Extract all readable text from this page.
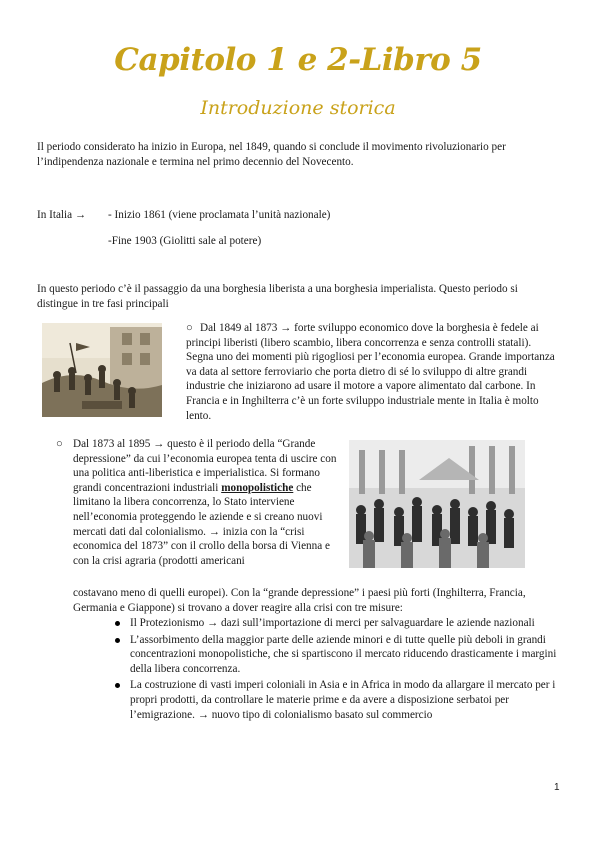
Capitolo 1 e 2-Libro 5
Introduzione storica

Il periodo considerato ha inizio in Europa, nel 1849, quando si conclude il movimento rivoluzionario per l’indipendenza nazionale e termina nel primo decennio del Novecento.

In Italia → - Inizio 1861 (viene proclamata l’unità nazionale)
-Fine 1903 (Giolitti sale al potere)

In questo periodo c’è il passaggio da una borghesia liberista a una borghesia imperialista. Questo periodo si distingue in tre fasi principali

○ Dal 1849 al 1873 → forte sviluppo economico dove la borghesia è fedele ai principi liberisti (libero scambio, libera concorrenza e senza controlli statali). Segna uno dei momenti più rigogliosi per l’economia europea. Grande importanza va data al settore ferroviario che porta dietro di sé lo sviluppo di altre grandi industrie che iniziarono ad usare il motore a vapore alimentato dal carbone. In Francia e in Inghilterra c’è un forte sviluppo industriale mente in Italia è molto lento.
○ Dal 1873 al 1895 → questo è il periodo della “Grande depressione” da cui l’economia europea tenta di uscire con una politica anti-liberistica e imperialistica. Si formano grandi concentrazioni industriali monopolistiche che limitano la libera concorrenza, lo Stato interviene nell’economia proteggendo le aziende e si creano nuovi mercati dati dal colonialismo. → inizia con la “crisi economica del 1873” con il crollo della borsa di Vienna e con la crisi agraria (prodotti americani
costavano meno di quelli europei). Con la “grande depressione” i paesi più forti (Inghilterra, Francia, Germania e Giappone) si trovano a dover reagire alla crisi con tre misure:
Il Protezionismo → dazi sull’importazione di merci per salvaguardare le aziende nazionali
L’assorbimento della maggior parte delle aziende minori e di tutte quelle più deboli in grandi concentrazioni monopolistiche, che si spartiscono il mercato riducendo drasticamente i margini della libera concorrenza.
La costruzione di vasti imperi coloniali in Asia e in Africa in modo da allargare il mercato per i propri prodotti, da controllare le materie prime e da avere a disposizione serbatoi per l’emigrazione. → nuovo tipo di colonialismo basato sul commercio
1
